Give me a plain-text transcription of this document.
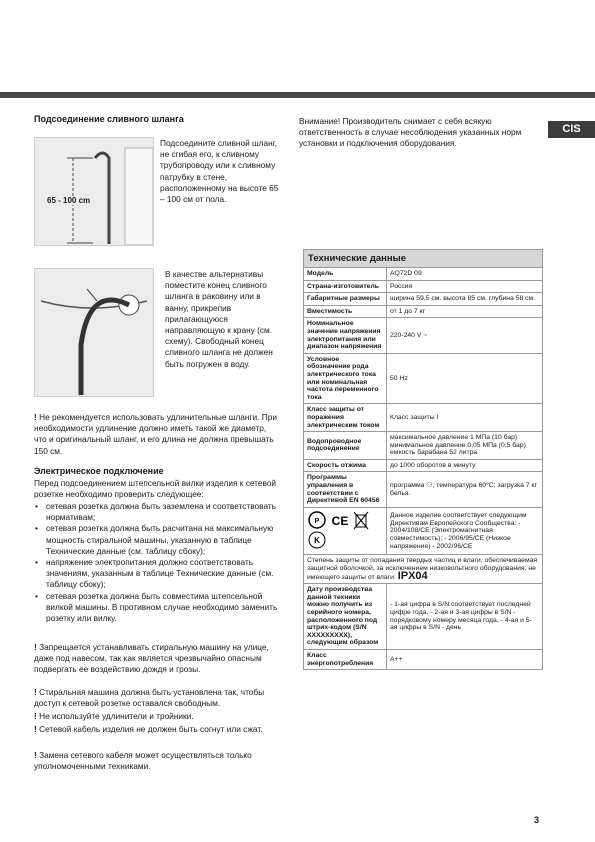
CIS
Подсоединение сливного шланга
65 - 100 cm
Подсоедините сливной шланг, не сгибая его, к сливному трубопроводу или к сливному патрубку в стене, расположенному на высоте 65 – 100 см от пола.
В качестве альтернативы поместите конец сливного шланга в раковину или в ванну, прикрепив прилагающуюся направляющую к крану (см. схему). Свободный конец сливного шланга не должен быть погружен в воду.
! Не рекомендуется использовать удлинительные шланги. При необходимости удлинение должно иметь такой же диаметр, что и оригинальный шланг, и его длина не должна превышать 150 см.
Электрическое подключение
Перед подсоединением штепсельной вилки изделия к сетевой розетке необходимо проверить следующее:
• сетевая розетка должна быть заземлена и соответствовать нормативам;
• сетевая розетка должна быть расчитана на максимальную мощность стиральной машины, указанную в таблице Технические данные (см. таблицу сбоку);
• напряжение электропитания должно соответствовать значениям, указанным в таблице Технические данные (см. таблицу сбоку);
• сетевая розетка должна быть совместима штепсельной вилкой машины. В противном случае необходимо заменить розетку или вилку.
! Запрещается устанавливать стиральную машину на улице, даже под навесом, так как является чрезвычайно опасным подвергать ее воздействию дождя и грозы.
! Стиральная машина должна быть установлена так, чтобы доступ к сетевой розетке оставался свободным.
! Не используйте удлинители и тройники.
! Сетевой кабель изделия не должен быть согнут или сжат.
! Замена сетевого кабеля может осуществляться только уполномоченными техниками.
Внимание! Производитель снимает с себя всякую ответственность в случае несоблюдения указанных норм установки и подключения оборудования.
Технические данные	
Модель	AQ72D 09
Страна-изготовитель	Россия
Габаритные размеры	ширина 59,5 см. высота 85 см. глубина 58 см.
Вместимость	от 1 до 7 кг
Номинальное значение напряжения электропитания или диапазон напряжения	220-240 V ~
Условное обозначение рода электрического тока или номинальная частота переменного тока	50 Hz
Класс защиты от поражения электрическим током	Класс защиты I
Водопроводное подсоединение	максимальное давление 1 МПа (10 бар) минимальное давление 0,05 МПа (0,5 бар) емкость барабана 52 литра
Скорость отжима	до 1000 оборотов в минуту
Программы управления в соответствии с Директивой EN 60456	программа ⚆; температура 60°C; загрузка 7 кг белья.

P CE
K	Данное изделие соответствует следующим Директивам Европейского Сообщества: - 2004/108/CE (Электромагнитная совместимость); - 2006/95/CE (Низкое напряжение) - 2002/96/CE
Степень защиты от попадания твердых частиц и влаги, обеспечиваемая защитной оболочкой, за исключением низковольтного оборудования, не имеющего защиты от влаги: IPX04	
Дату производства данной техники можно получить из серийного номера, расположенного под штрих-кодом (S/N XXXXXXXXX), следующим образом	- 1-ая цифра в S/N соответствует последней цифре года, - 2-ая и 3-ая цифры в S/N - порядковому номеру месяца года, - 4-ая и 5-ая цифры в S/N - день
Класс энергопотребления	A++
3
